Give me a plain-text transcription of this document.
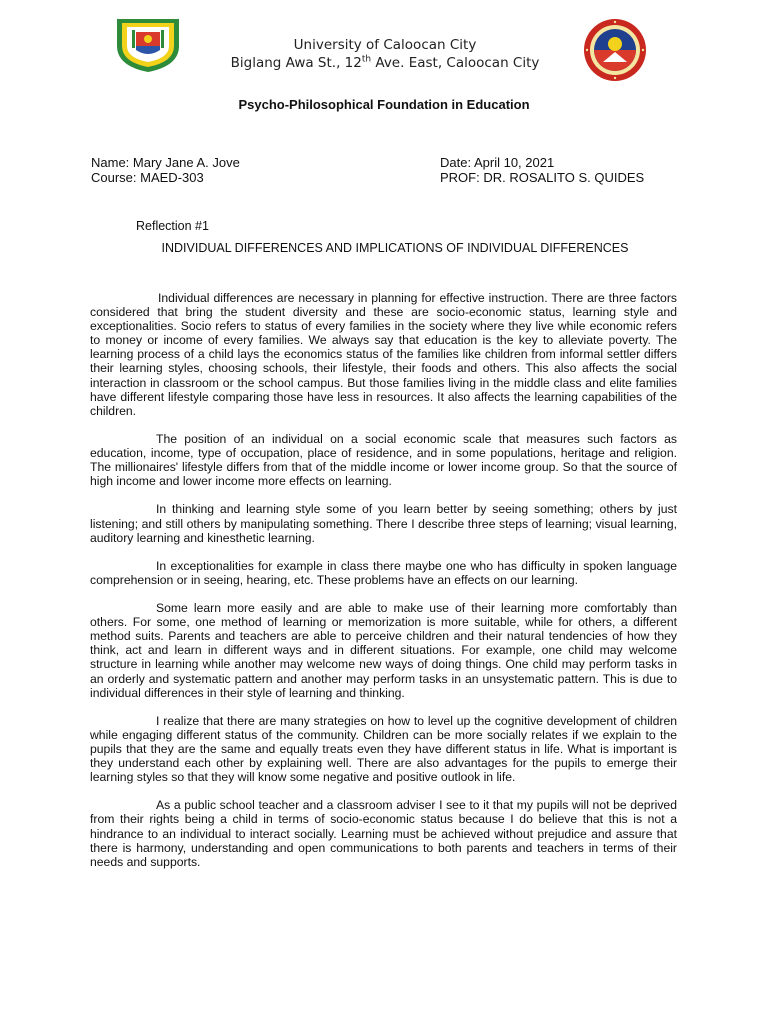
University of Caloocan City
Biglang Awa St., 12th Ave. East, Caloocan City
Psycho-Philosophical Foundation in Education
Name: Mary Jane A. Jove
Course: MAED-303
Date: April 10, 2021
PROF: DR. ROSALITO S. QUIDES
Reflection #1
INDIVIDUAL DIFFERENCES AND IMPLICATIONS OF INDIVIDUAL DIFFERENCES

Individual differences are necessary in planning for effective instruction. There are three factors considered that bring the student diversity and these are socio-economic status, learning style and exceptionalities. Socio refers to status of every families in the society where they live while economic refers to money or income of every families. We always say that education is the key to alleviate poverty. The learning process of a child lays the economics status of the families like children from informal settler differs their learning styles, choosing schools, their lifestyle, their foods and others. This also affects the social interaction in classroom or the school campus. But those families living in the middle class and elite families have different lifestyle comparing those have less in resources. It also affects the learning capabilities of the children.

The position of an individual on a social economic scale that measures such factors as education, income, type of occupation, place of residence, and in some populations, heritage and religion. The millionaires' lifestyle differs from that of the middle income or lower income group. So that the source of high income and lower income more effects on learning.

In thinking and learning style some of you learn better by seeing something; others by just listening; and still others by manipulating something. There I describe three steps of learning; visual learning, auditory learning and kinesthetic learning.

In exceptionalities for example in class there maybe one who has difficulty in spoken language comprehension or in seeing, hearing, etc. These problems have an effects on our learning.

Some learn more easily and are able to make use of their learning more comfortably than others. For some, one method of learning or memorization is more suitable, while for others, a different method suits. Parents and teachers are able to perceive children and their natural tendencies of how they think, act and learn in different ways and in different situations. For example, one child may welcome structure in learning while another may welcome new ways of doing things. One child may perform tasks in an orderly and systematic pattern and another may perform tasks in an unsystematic pattern. This is due to individual differences in their style of learning and thinking.

I realize that there are many strategies on how to level up the cognitive development of children while engaging different status of the community. Children can be more socially relates if we explain to the pupils that they are the same and equally treats even they have different status in life. What is important is they understand each other by explaining well. There are also advantages for the pupils to emerge their learning styles so that they will know some negative and positive outlook in life.

As a public school teacher and a classroom adviser I see to it that my pupils will not be deprived from their rights being a child in terms of socio-economic status because I do believe that this is not a hindrance to an individual to interact socially. Learning must be achieved without prejudice and assure that there is harmony, understanding and open communications to both parents and teachers in terms of their needs and supports.
